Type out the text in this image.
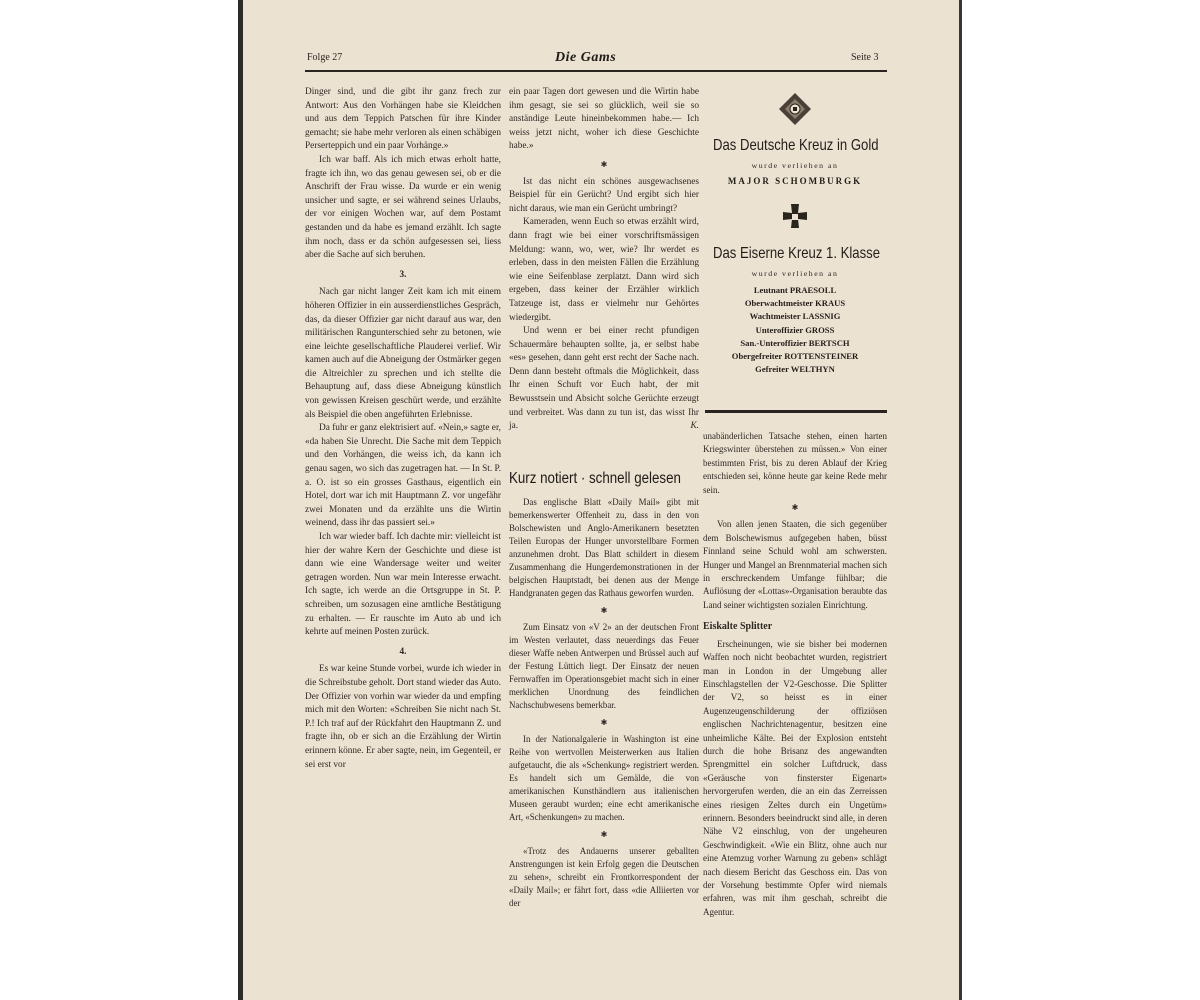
Folge 27	Die Gams	Seite 3

Dinger sind, und die gibt ihr ganz frech zur Antwort: Aus den Vorhängen habe sie Kleidchen und aus dem Teppich Patschen für ihre Kinder gemacht; sie habe mehr verloren als einen schäbigen Perserteppich und ein paar Vorhänge.»

Ich war baff. Als ich mich etwas erholt hatte, fragte ich ihn, wo das genau gewesen sei, ob er die Anschrift der Frau wisse. Da wurde er ein wenig unsicher und sagte, er sei während seines Urlaubs, der vor einigen Wochen war, auf dem Postamt gestanden und da habe es jemand erzählt. Ich sagte ihm noch, dass er da schön aufgesessen sei, liess aber die Sache auf sich beruhen.

3.

Nach gar nicht langer Zeit kam ich mit einem höheren Offizier in ein ausserdienstliches Gespräch, das, da dieser Offizier gar nicht darauf aus war, den militärischen Rangunterschied sehr zu betonen, wie eine leichte gesellschaftliche Plauderei verlief. Wir kamen auch auf die Abneigung der Ostmärker gegen die Altreichler zu sprechen und ich stellte die Behauptung auf, dass diese Abneigung künstlich von gewissen Kreisen geschürt werde, und erzählte als Beispiel die oben angeführten Erlebnisse.

Da fuhr er ganz elektrisiert auf. «Nein,» sagte er, «da haben Sie Unrecht. Die Sache mit dem Teppich und den Vorhängen, die weiss ich, da kann ich genau sagen, wo sich das zugetragen hat. — In St. P. a. O. ist so ein grosses Gasthaus, eigentlich ein Hotel, dort war ich mit Hauptmann Z. vor ungefähr zwei Monaten und da erzählte uns die Wirtin weinend, dass ihr das passiert sei.»

Ich war wieder baff. Ich dachte mir: vielleicht ist hier der wahre Kern der Geschichte und diese ist dann wie eine Wandersage weiter und weiter getragen worden. Nun war mein Interesse erwacht. Ich sagte, ich werde an die Ortsgruppe in St. P. schreiben, um sozusagen eine amtliche Bestätigung zu erhalten. — Er rauschte im Auto ab und ich kehrte auf meinen Posten zurück.

4.

Es war keine Stunde vorbei, wurde ich wieder in die Schreibstube geholt. Dort stand wieder das Auto. Der Offizier von vorhin war wieder da und empfing mich mit den Worten: «Schreiben Sie nicht nach St. P.! Ich traf auf der Rückfahrt den Hauptmann Z. und fragte ihn, ob er sich an die Erzählung der Wirtin erinnern könne. Er aber sagte, nein, im Gegenteil, er sei erst vor

ein paar Tagen dort gewesen und die Wirtin habe ihm gesagt, sie sei so glücklich, weil sie so anständige Leute hineinbekommen habe.— Ich weiss jetzt nicht, woher ich diese Geschichte habe.»

✱

Ist das nicht ein schönes ausgewachsenes Beispiel für ein Gerücht? Und ergibt sich hier nicht daraus, wie man ein Gerücht umbringt?

Kameraden, wenn Euch so etwas erzählt wird, dann fragt wie bei einer vorschriftsmässigen Meldung: wann, wo, wer, wie? Ihr werdet es erleben, dass in den meisten Fällen die Erzählung wie eine Seifenblase zerplatzt. Dann wird sich ergeben, dass keiner der Erzähler wirklich Tatzeuge ist, dass er vielmehr nur Gehörtes wiedergibt.

Und wenn er bei einer recht pfundigen Schauermäre behaupten sollte, ja, er selbst habe «es» gesehen, dann geht erst recht der Sache nach. Denn dann besteht oftmals die Möglichkeit, dass Ihr einen Schuft vor Euch habt, der mit Bewusstsein und Absicht solche Gerüchte erzeugt und verbreitet. Was dann zu tun ist, das wisst Ihr ja.	K.

Kurz notiert · schnell gelesen

Das englische Blatt «Daily Mail» gibt mit bemerkenswerter Offenheit zu, dass in den von Bolschewisten und Anglo-Amerikanern besetzten Teilen Europas der Hunger unvorstellbare Formen anzunehmen droht. Das Blatt schildert in diesem Zusammenhang die Hungerdemonstrationen in der belgischen Hauptstadt, bei denen aus der Menge Handgranaten gegen das Rathaus geworfen wurden.

✱

Zum Einsatz von «V 2» an der deutschen Front im Westen verlautet, dass neuerdings das Feuer dieser Waffe neben Antwerpen und Brüssel auch auf der Festung Lüttich liegt. Der Einsatz der neuen Fernwaffen im Operationsgebiet macht sich in einer merklichen Unordnung des feindlichen Nachschubwesens bemerkbar.

✱

In der Nationalgalerie in Washington ist eine Reihe von wertvollen Meisterwerken aus Italien aufgetaucht, die als «Schenkung» registriert werden. Es handelt sich um Gemälde, die von amerikanischen Kunsthändlern aus italienischen Museen geraubt wurden; eine echt amerikanische Art, «Schenkungen» zu machen.

✱

«Trotz des Andauerns unserer geballten Anstrengungen ist kein Erfolg gegen die Deutschen zu sehen», schreibt ein Frontkorrespondent der «Daily Mail»; er fährt fort, dass «die Alliierten vor der

Das Deutsche Kreuz in Gold
wurde verliehen an
MAJOR SCHOMBURGK
Das Eiserne Kreuz 1. Klasse
wurde verliehen an
Leutnant PRAESOLL
Oberwachtmeister KRAUS
Wachtmeister LASSNIG
Unteroffizier GROSS
San.-Unteroffizier BERTSCH
Obergefreiter ROTTENSTEINER
Gefreiter WELTHYN

unabänderlichen Tatsache stehen, einen harten Kriegswinter überstehen zu müssen.» Von einer bestimmten Frist, bis zu deren Ablauf der Krieg entschieden sei, könne heute gar keine Rede mehr sein.

✱

Von allen jenen Staaten, die sich gegenüber dem Bolschewismus aufgegeben haben, büsst Finnland seine Schuld wohl am schwersten. Hunger und Mangel an Brennmaterial machen sich in erschreckendem Umfange fühlbar; die Auflösung der «Lottas»-Organisation beraubte das Land seiner wichtigsten sozialen Einrichtung.

Eiskalte Splitter

Erscheinungen, wie sie bisher bei modernen Waffen noch nicht beobachtet wurden, registriert man in London in der Umgebung aller Einschlagstellen der V2-Geschosse. Die Splitter der V2, so heisst es in einer Augenzeugenschilderung der offiziösen englischen Nachrichtenagentur, besitzen eine unheimliche Kälte. Bei der Explosion entsteht durch die hohe Brisanz des angewandten Sprengmittel ein solcher Luftdruck, dass «Geräusche von finsterster Eigenart» hervorgerufen werden, die an ein das Zerreissen eines riesigen Zeltes durch ein Ungetüm» erinnern. Besonders beeindruckt sind alle, in deren Nähe V2 einschlug, von der ungeheuren Geschwindigkeit. «Wie ein Blitz, ohne auch nur eine Atemzug vorher Warnung zu geben» schlägt nach diesem Bericht das Geschoss ein. Das von der Vorsehung bestimmte Opfer wird niemals erfahren, was mit ihm geschah, schreibt die Agentur.
